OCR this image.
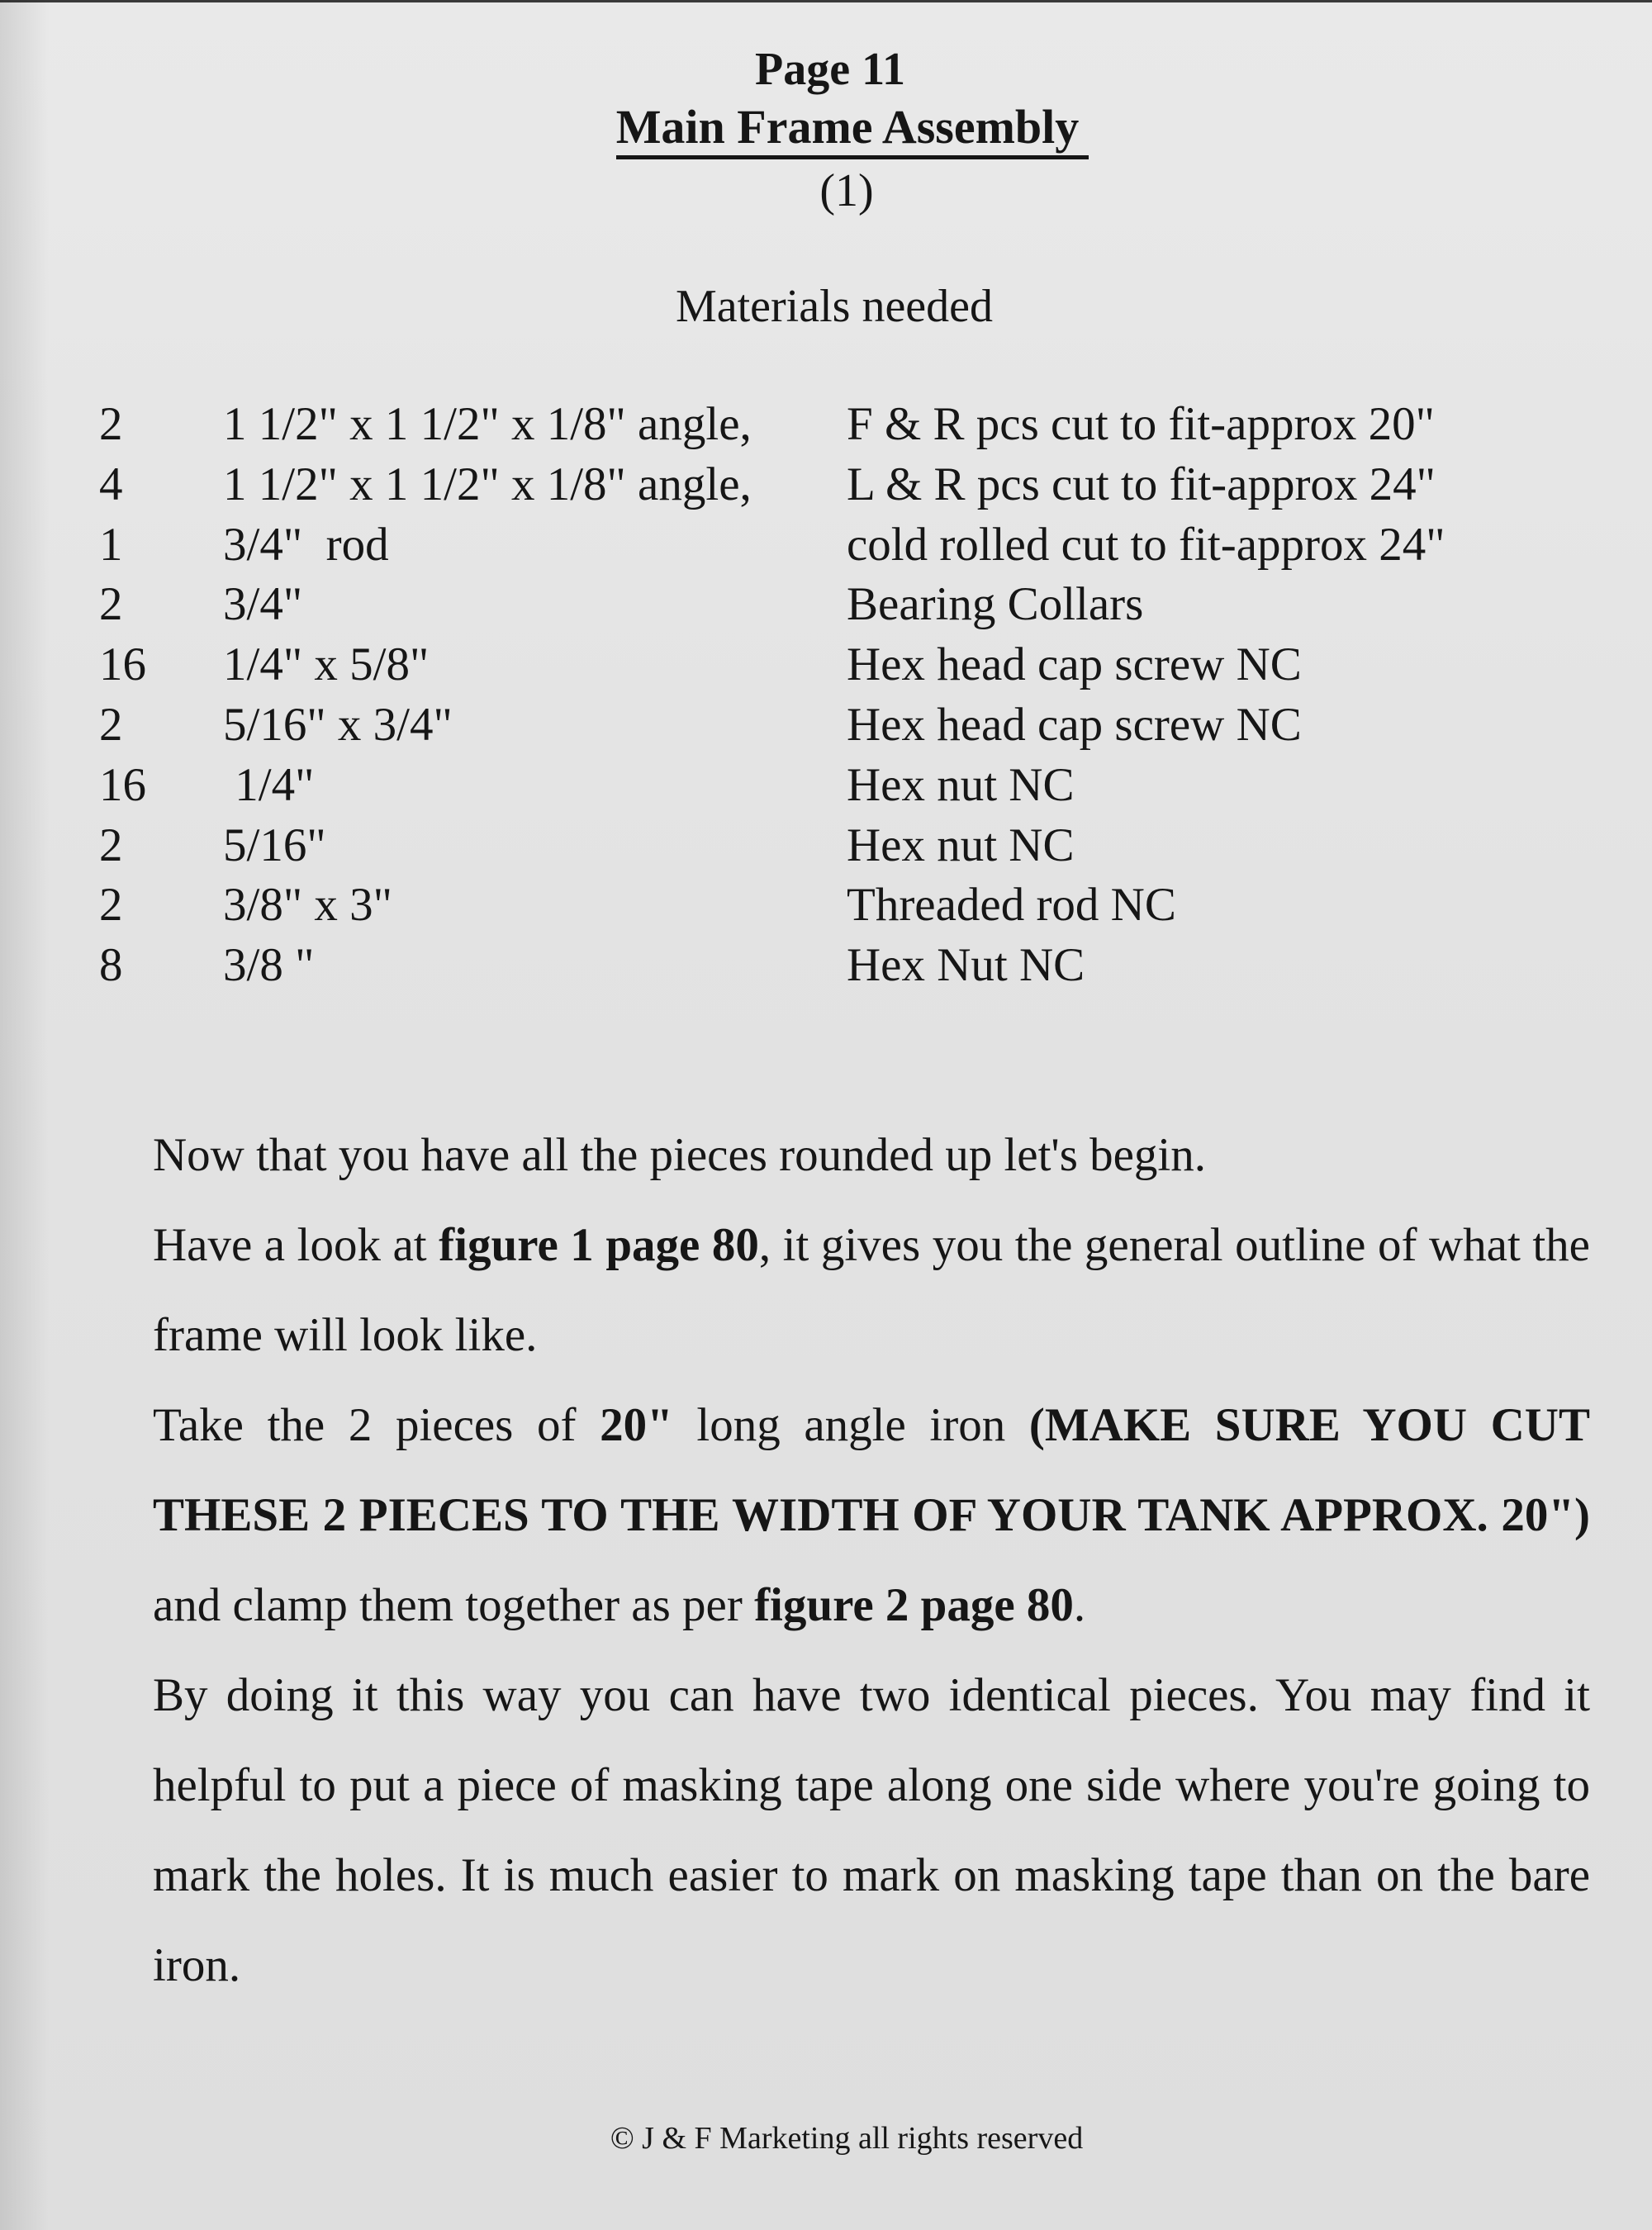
Page 11
Main Frame Assembly
(1)
Materials needed
2	1 1/2" x 1 1/2" x 1/8" angle,	F & R pcs cut to fit-approx 20"
4	1 1/2" x 1 1/2" x 1/8" angle,	L & R pcs cut to fit-approx 24"
1	3/4"  rod	cold rolled cut to fit-approx 24"
2	3/4"	Bearing Collars
16	1/4" x 5/8"	Hex head cap screw NC
2	5/16" x 3/4"	Hex head cap screw NC
16	1/4"	Hex nut NC
2	5/16"	Hex nut NC
2	3/8" x 3"	Threaded rod NC
8	3/8 "	Hex Nut NC

Now that you have all the pieces rounded up let's begin.

Have a look at figure 1 page 80, it gives you the general outline of what the frame will look like.

Take the 2 pieces of 20" long angle iron (MAKE SURE YOU CUT THESE 2 PIECES TO THE WIDTH OF YOUR TANK APPROX. 20") and clamp them together as per figure 2 page 80.

By doing it this way you can have two identical pieces. You may find it helpful to put a piece of masking tape along one side where you're going to mark the holes. It is much easier to mark on masking tape than on the bare iron.

© J & F Marketing all rights reserved
